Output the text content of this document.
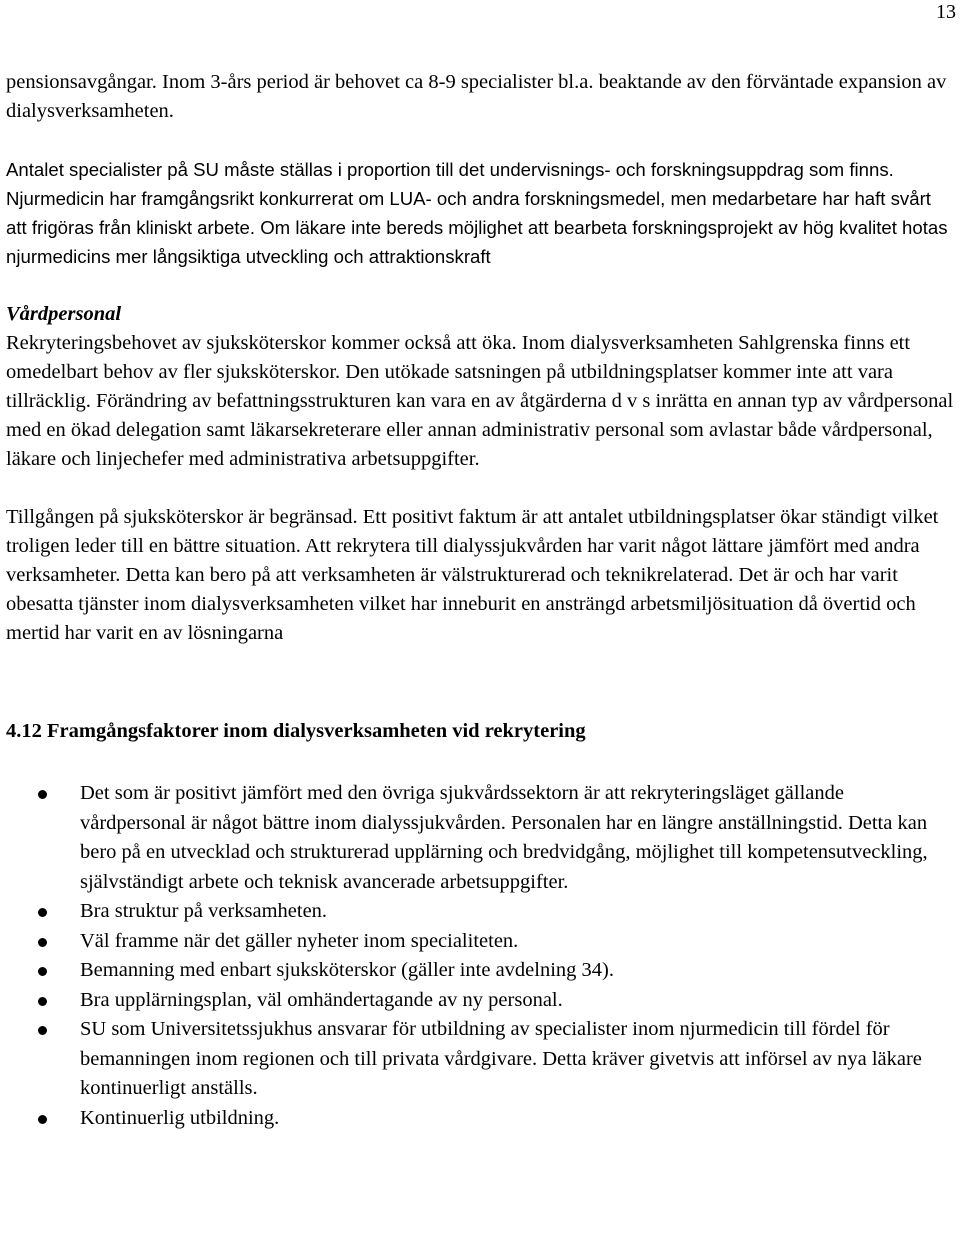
13

pensionsavgångar. Inom 3-års period är behovet ca 8-9 specialister bl.a. beaktande av den förväntade expansion av dialysverksamheten.

Antalet specialister på SU måste ställas i proportion till det undervisnings- och forskningsuppdrag som finns. Njurmedicin har framgångsrikt konkurrerat om LUA- och andra forskningsmedel, men medarbetare har haft svårt att frigöras från kliniskt arbete. Om läkare inte bereds möjlighet att bearbeta forskningsprojekt av hög kvalitet hotas njurmedicins mer långsiktiga utveckling och attraktionskraft

Vårdpersonal

Rekryteringsbehovet av sjuksköterskor kommer också att öka. Inom dialysverksamheten Sahlgrenska finns ett omedelbart behov av fler sjuksköterskor. Den utökade satsningen på utbildningsplatser kommer inte att vara tillräcklig. Förändring av befattningsstrukturen kan vara en av åtgärderna d v s inrätta en annan typ av vårdpersonal med en ökad delegation samt läkarsekreterare eller annan administrativ personal som avlastar både vårdpersonal, läkare och linjechefer med administrativa arbetsuppgifter.

Tillgången på sjuksköterskor är begränsad. Ett positivt faktum är att antalet utbildningsplatser ökar ständigt vilket troligen leder till en bättre situation. Att rekrytera till dialyssjukvården har varit något lättare jämfört med andra verksamheter. Detta kan bero på att verksamheten är välstrukturerad och teknikrelaterad. Det är och har varit obesatta tjänster inom dialysverksamheten vilket har inneburit en ansträngd arbetsmiljösituation då övertid och mertid har varit en av lösningarna

4.12 Framgångsfaktorer inom dialysverksamheten vid rekrytering

Det som är positivt jämfört med den övriga sjukvårdssektorn är att rekryteringsläget gällande vårdpersonal är något bättre inom dialyssjukvården. Personalen har en längre anställningstid. Detta kan bero på en utvecklad och strukturerad upplärning och bredvidgång, möjlighet till kompetensutveckling, självständigt arbete och teknisk avancerade arbetsuppgifter.
Bra struktur på verksamheten.
Väl framme när det gäller nyheter inom specialiteten.
Bemanning med enbart sjuksköterskor (gäller inte avdelning 34).
Bra upplärningsplan, väl omhändertagande av ny personal.
SU som Universitetssjukhus ansvarar för utbildning av specialister inom njurmedicin till fördel för bemanningen inom regionen och till privata vårdgivare. Detta kräver givetvis att införsel av nya läkare kontinuerligt anställs.
Kontinuerlig utbildning.
